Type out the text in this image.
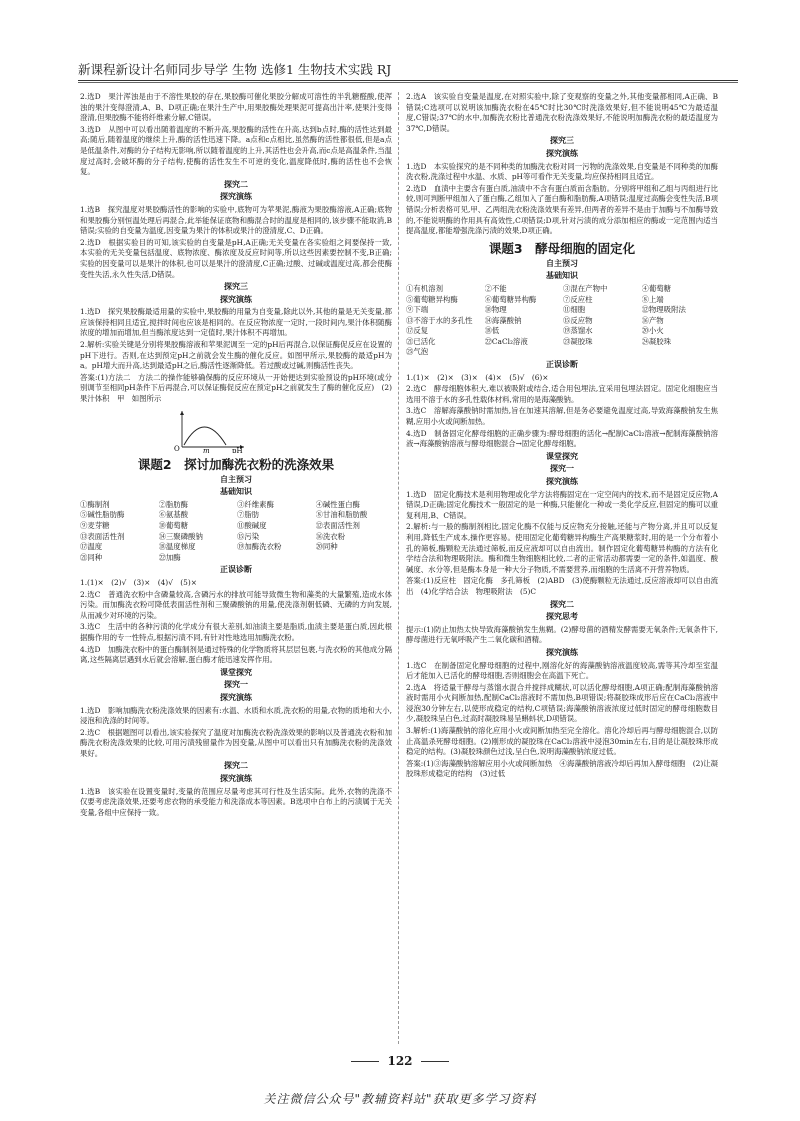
新课程新设计名师同步导学 生物 选修1 生物技术实践 RJ
2.选D　果汁浑浊是由于不溶性果胶的存在,果胶酶可催化果胶分解成可溶性的半乳糖醛酸,使浑浊的果汁变得澄清,A、B、D项正确;在果汁生产中,用果胶酶处理果泥可提高出汁率,使果汁变得澄清,但果胶酶不能将纤维素分解,C错误。
3.选D　从图中可以看出随着温度的不断升高,果胶酶的活性在升高,达到b点时,酶的活性达到最高;随后,随着温度的继续上升,酶的活性迅速下降。a点和c点相比,虽然酶的活性都很低,但是a点是低温条件,对酶的分子结构无影响,所以随着温度的上升,其活性也会升高,而c点是高温条件,当温度过高时,会破坏酶的分子结构,使酶的活性发生不可逆的变化,温度降低时,酶的活性也不会恢复。
探究二
探究演练
1.选B　探究温度对果胶酶活性的影响的实验中,底物可为苹果泥,酶液为果胶酶溶液,A正确;底物和果胶酶分别恒温处理后再混合,此举能保证底物和酶混合时的温度是相同的,该步骤不能取消,B错误;实验的自变量为温度,因变量为果汁的体积或果汁的澄清度,C、D正确。
2.选D　根据实验目的可知,该实验的自变量是pH,A正确;无关变量在各实验组之间要保持一致,本实验的无关变量包括温度、底物浓度、酶浓度及反应时间等,所以这些因素要控制不变,B正确;实验的因变量可以是果汁的体积,也可以是果汁的澄清度,C正确;过酸、过碱或温度过高,都会使酶变性失活,永久性失活,D错误。
探究三
探究演练
1.选D　探究果胶酶最适用量的实验中,果胶酶的用量为自变量,除此以外,其他的量是无关变量,都应该保持相同且适宜,搅拌时间也应该是相同的。在反应物浓度一定时,一段时间内,果汁体积随酶浓度的增加而增加,但当酶浓度达到一定值时,果汁体积不再增加。
2.解析:实验关键是分别将果胶酶溶液和苹果泥调至一定的pH后再混合,以保证酶促反应在设置的pH下进行。否则,在达到预定pH之前就会发生酶的催化反应。如图甲所示,果胶酶的最适pH为a。pH增大而升高,达到最适pH之后,酶活性逐渐降低。若过酸或过碱,则酶活性丧失。
答案:(1)方法二　方法二的操作能够确保酶的反应环境从一开始便达到实验预设的pH环境(或分别调节至相同pH条件下后再混合,可以保证酶促反应在预定pH之前就发生了酶的催化反应)　(2)果汁体积　甲　如图所示
O	m	pH
课题2　探讨加酶洗衣粉的洗涤效果
自主预习
基础知识
①酶制剂	②脂肪酶	③纤维素酶	④碱性蛋白酶
⑤碱性脂肪酶	⑥氨基酸	⑦脂肪	⑧甘油和脂肪酸
⑨麦芽糖	⑩葡萄糖	⑪酸碱度	⑫表面活性剂
⑬表面活性剂	⑭三聚磷酸钠	⑮污染	⑯洗衣粉
⑰温度	⑱温度梯度	⑲加酶洗衣粉	⑳同种
㉑同种	㉒加酶
正误诊断
1.(1)×　(2)√　(3)×　(4)√　(5)×
2.选C　普通洗衣粉中含磷量较高,含磷污水的排放可能导致微生物和藻类的大量繁殖,造成水体污染。而加酶洗衣粉可降低表面活性剂和三聚磷酸钠的用量,使洗涤剂朝低磷、无磷的方向发展,从而减少对环境的污染。
3.选C　生活中的各种污渍的化学成分有很大差别,如油渍主要是脂质,血渍主要是蛋白质,因此根据酶作用的专一性特点,根据污渍不同,有针对性地选用加酶洗衣粉。
4.选D　加酶洗衣粉中的蛋白酶制剂是通过特殊的化学物质将其层层包裹,与洗衣粉的其他成分隔离,这些隔离层遇到水后就会溶解,蛋白酶才能迅速发挥作用。
课堂探究
探究一
探究演练
1.选D　影响加酶洗衣粉洗涤效果的因素有:水温、水质和水质,洗衣粉的用量,衣物的质地和大小,浸泡和洗涤的时间等。
2.选C　根据题图可以看出,该实验探究了温度对加酶洗衣粉洗涤效果的影响以及普通洗衣粉和加酶洗衣粉洗涤效果的比较,可用污渍残留量作为因变量,从图中可以看出只有加酶洗衣粉的洗涤效果好。
探究二
探究演练
1.选B　该实验在设置变量时,变量的范围应尽量考虑其可行性及生活实际。此外,衣物的洗涤不仅要考虑洗涤效果,还要考虑衣物的承受能力和洗涤成本等因素。B选项中白布上的污渍属于无关变量,各组中应保持一致。
2.选A　该实验自变量是温度,在对照实验中,除了变观察的变量之外,其他变量都相同,A正确、B错误;C选项可以说明该加酶洗衣粉在45℃时比30℃时洗涤效果好,但不能说明45℃为最适温度,C错误;37℃的水中,加酶洗衣粉比普通洗衣粉洗涤效果好,不能说明加酶洗衣粉的最适温度为37℃,D错误。
探究三
探究演练
1.选D　本实验探究的是不同种类的加酶洗衣粉对同一污物的洗涤效果,自变量是不同种类的加酶洗衣粉,洗涤过程中水温、水质、pH等可看作无关变量,均应保持相同且适宜。
2.选D　血渍中主要含有蛋白质,油渍中不含有蛋白质而含脂肪。分别将甲组和乙组与丙组进行比较,则可判断甲组加入了蛋白酶,乙组加入了蛋白酶和脂肪酶,A项错误;温度过高酶会变性失活,B项错误;分析表格可见,甲、乙两组洗衣粉洗涤效果有差异,但两者的差异不是由于加酶与不加酶导致的,不能说明酶的作用具有高效性,C项错误;D项,针对污渍的成分添加相应的酶或一定范围内适当提高温度,都能增强洗涤污渍的效果,D项正确。
课题3　酵母细胞的固定化
自主预习
基础知识
①有机溶剂	②不能	③混在产物中	④葡萄糖
⑤葡萄糖异构酶	⑥葡萄糖异构酶	⑦反应柱	⑧上端
⑨下端	⑩物理	⑪细胞	⑫物理吸附法
⑬不溶于水的多孔性	⑭海藻酸钠	⑮反应物	⑯产物
⑰反复	⑱低	⑲蒸馏水	⑳小火
㉑已活化	㉒CaCl₂溶液	㉓凝胶珠	㉔凝胶珠
㉕气泡
正误诊断
1.(1)×　(2)×　(3)×　(4)×　(5)√　(6)×
2.选C　酵母细胞体积大,难以被吸附或结合,适合用包埋法,宜采用包埋法固定。固定化细胞应当选用不溶于水的多孔性载体材料,常用的是海藻酸钠。
3.选C　溶解海藻酸钠时需加热,旨在加速其溶解,但是务必要避免温度过高,导致海藻酸钠发生焦糊,应用小火或间断加热。
4.选D　制备固定化酵母细胞的正确步骤为:酵母细胞的活化→配制CaCl₂溶液→配制海藻酸钠溶液→海藻酸钠溶液与酵母细胞混合→固定化酵母细胞。
课堂探究
探究一
探究演练
1.选D　固定化酶技术是利用物理或化学方法将酶固定在一定空间内的技术,而不是固定反应物,A错误,D正确;固定化酶技术一般固定的是一种酶,只能催化一种或一类化学反应,但固定的酶可以重复利用,B、C错误。
2.解析:与一般的酶制剂相比,固定化酶不仅能与反应物充分接触,还能与产物分离,并且可以反复利用,降低生产成本,操作更容易。使用固定化葡萄糖异构酶生产高果糖浆时,用的是一个分布着小孔的筛板,酶颗粒无法通过筛板,而反应液却可以自由流出。制作固定化葡萄糖异构酶的方法有化学结合法和物理吸附法。酶和微生物细胞相比较,二者的正常活动都需要一定的条件,如温度、酸碱度、水分等,但是酶本身是一种大分子物质,不需要营养,而细胞的生活离不开营养物质。
答案:(1)反应柱　固定化酶　多孔筛板　(2)ABD　(3)使酶颗粒无法通过,反应溶液却可以自由流出　(4)化学结合法　物理吸附法　(5)C
探究二
探究思考
提示:(1)防止加热太快导致海藻酸钠发生焦糊。(2)酵母菌的酒精发酵需要无氧条件;无氧条件下,酵母菌进行无氧呼吸产生二氧化碳和酒精。
探究演练
1.选C　在制备固定化酵母细胞的过程中,刚溶化好的海藻酸钠溶液温度较高,需等其冷却至室温后才能加入已活化的酵母细胞,否则细胞会在高温下死亡。
2.选A　将适量干酵母与蒸馏水混合并搅拌成糊状,可以活化酵母细胞,A项正确;配制海藻酸钠溶液时需用小火间断加热,配制CaCl₂溶液时不需加热,B项错误;将凝胶珠成形后应在CaCl₂溶液中浸泡30分钟左右,以使形成稳定的结构,C项错误;海藻酸钠溶液浓度过低时固定的酵母细胞数目少,凝胶珠呈白色,过高时凝胶珠易呈蝌蚪状,D项错误。
3.解析:(1)海藻酸钠的溶化应用小火或间断加热至完全溶化。溶化冷却后再与酵母细胞混合,以防止高温杀死酵母细胞。(2)刚形成的凝胶珠在CaCl₂溶液中浸泡30min左右,目的是让凝胶珠形成稳定的结构。(3)凝胶珠颜色过浅,呈白色,说明海藻酸钠浓度过低。
答案:(1)③海藻酸钠溶解应用小火或间断加热　④海藻酸钠溶液冷却后再加入酵母细胞　(2)让凝胶珠形成稳定的结构　(3)过低
122
关注微信公众号"教辅资料站"获取更多学习资料
